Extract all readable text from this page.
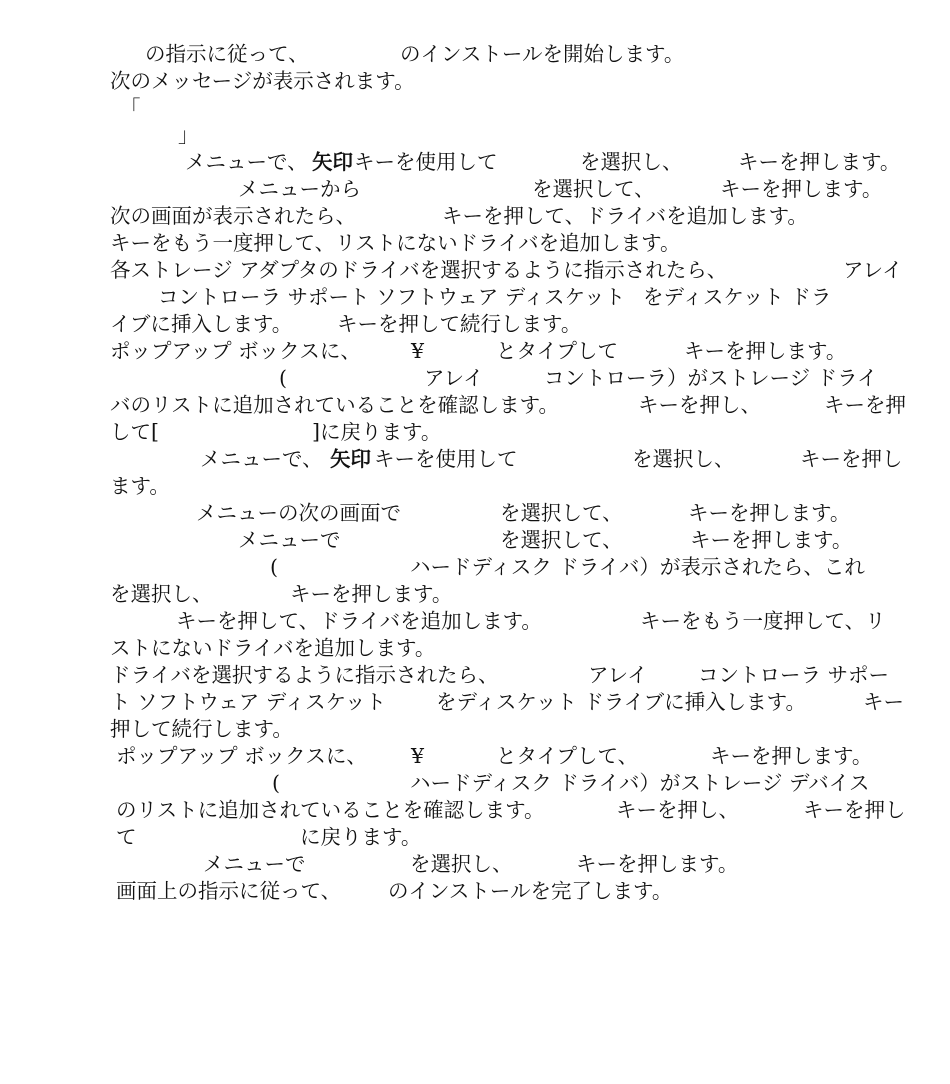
の指示に従って、	のインストールを開始します。
次のメッセージが表示されます。
「
」
メニューで、 矢印 キーを使用して	を選択し、	キーを押します。
メニューから	を選択して、	キーを押します。
次の画面が表示されたら、	キーを押して、ドライバを追加します。
キーをもう一度押して、リストにないドライバを追加します。
各ストレージ アダプタのドライバを選択するように指示されたら、	アレイ
コントローラ サポート ソフトウェア ディスケット をディスケット ドラ
イブに挿入します。 キーを押して続行します。
ポップアップ ボックスに、 ¥	とタイプして	キーを押します。
(	アレイ	コントローラ）がストレージ ドライ
バのリストに追加されていることを確認します。	キーを押し、	キーを押
して[	]に戻ります。
メニューで、 矢印 キーを使用して	を選択し、	キーを押し
ます。
メニューの次の画面で	を選択して、	キーを押します。
メニューで	を選択して、	キーを押します。
(	ハードディスク ドライバ）が表示されたら、これ
を選択し、	キーを押します。
キーを押して、ドライバを追加します。	キーをもう一度押して、リ
ストにないドライバを追加します。
ドライバを選択するように指示されたら、	アレイ コントローラ サポー
ト ソフトウェア ディスケット をディスケット ドライブに挿入します。	キー
押して続行します。
ポップアップ ボックスに、 ¥	とタイプして、	キーを押します。
(	ハードディスク ドライバ）がストレージ デバイス
のリストに追加されていることを確認します。	キーを押し、	キーを押し
て	に戻ります。
メニューで	を選択し、	キーを押します。
画面上の指示に従って、 のインストールを完了します。
